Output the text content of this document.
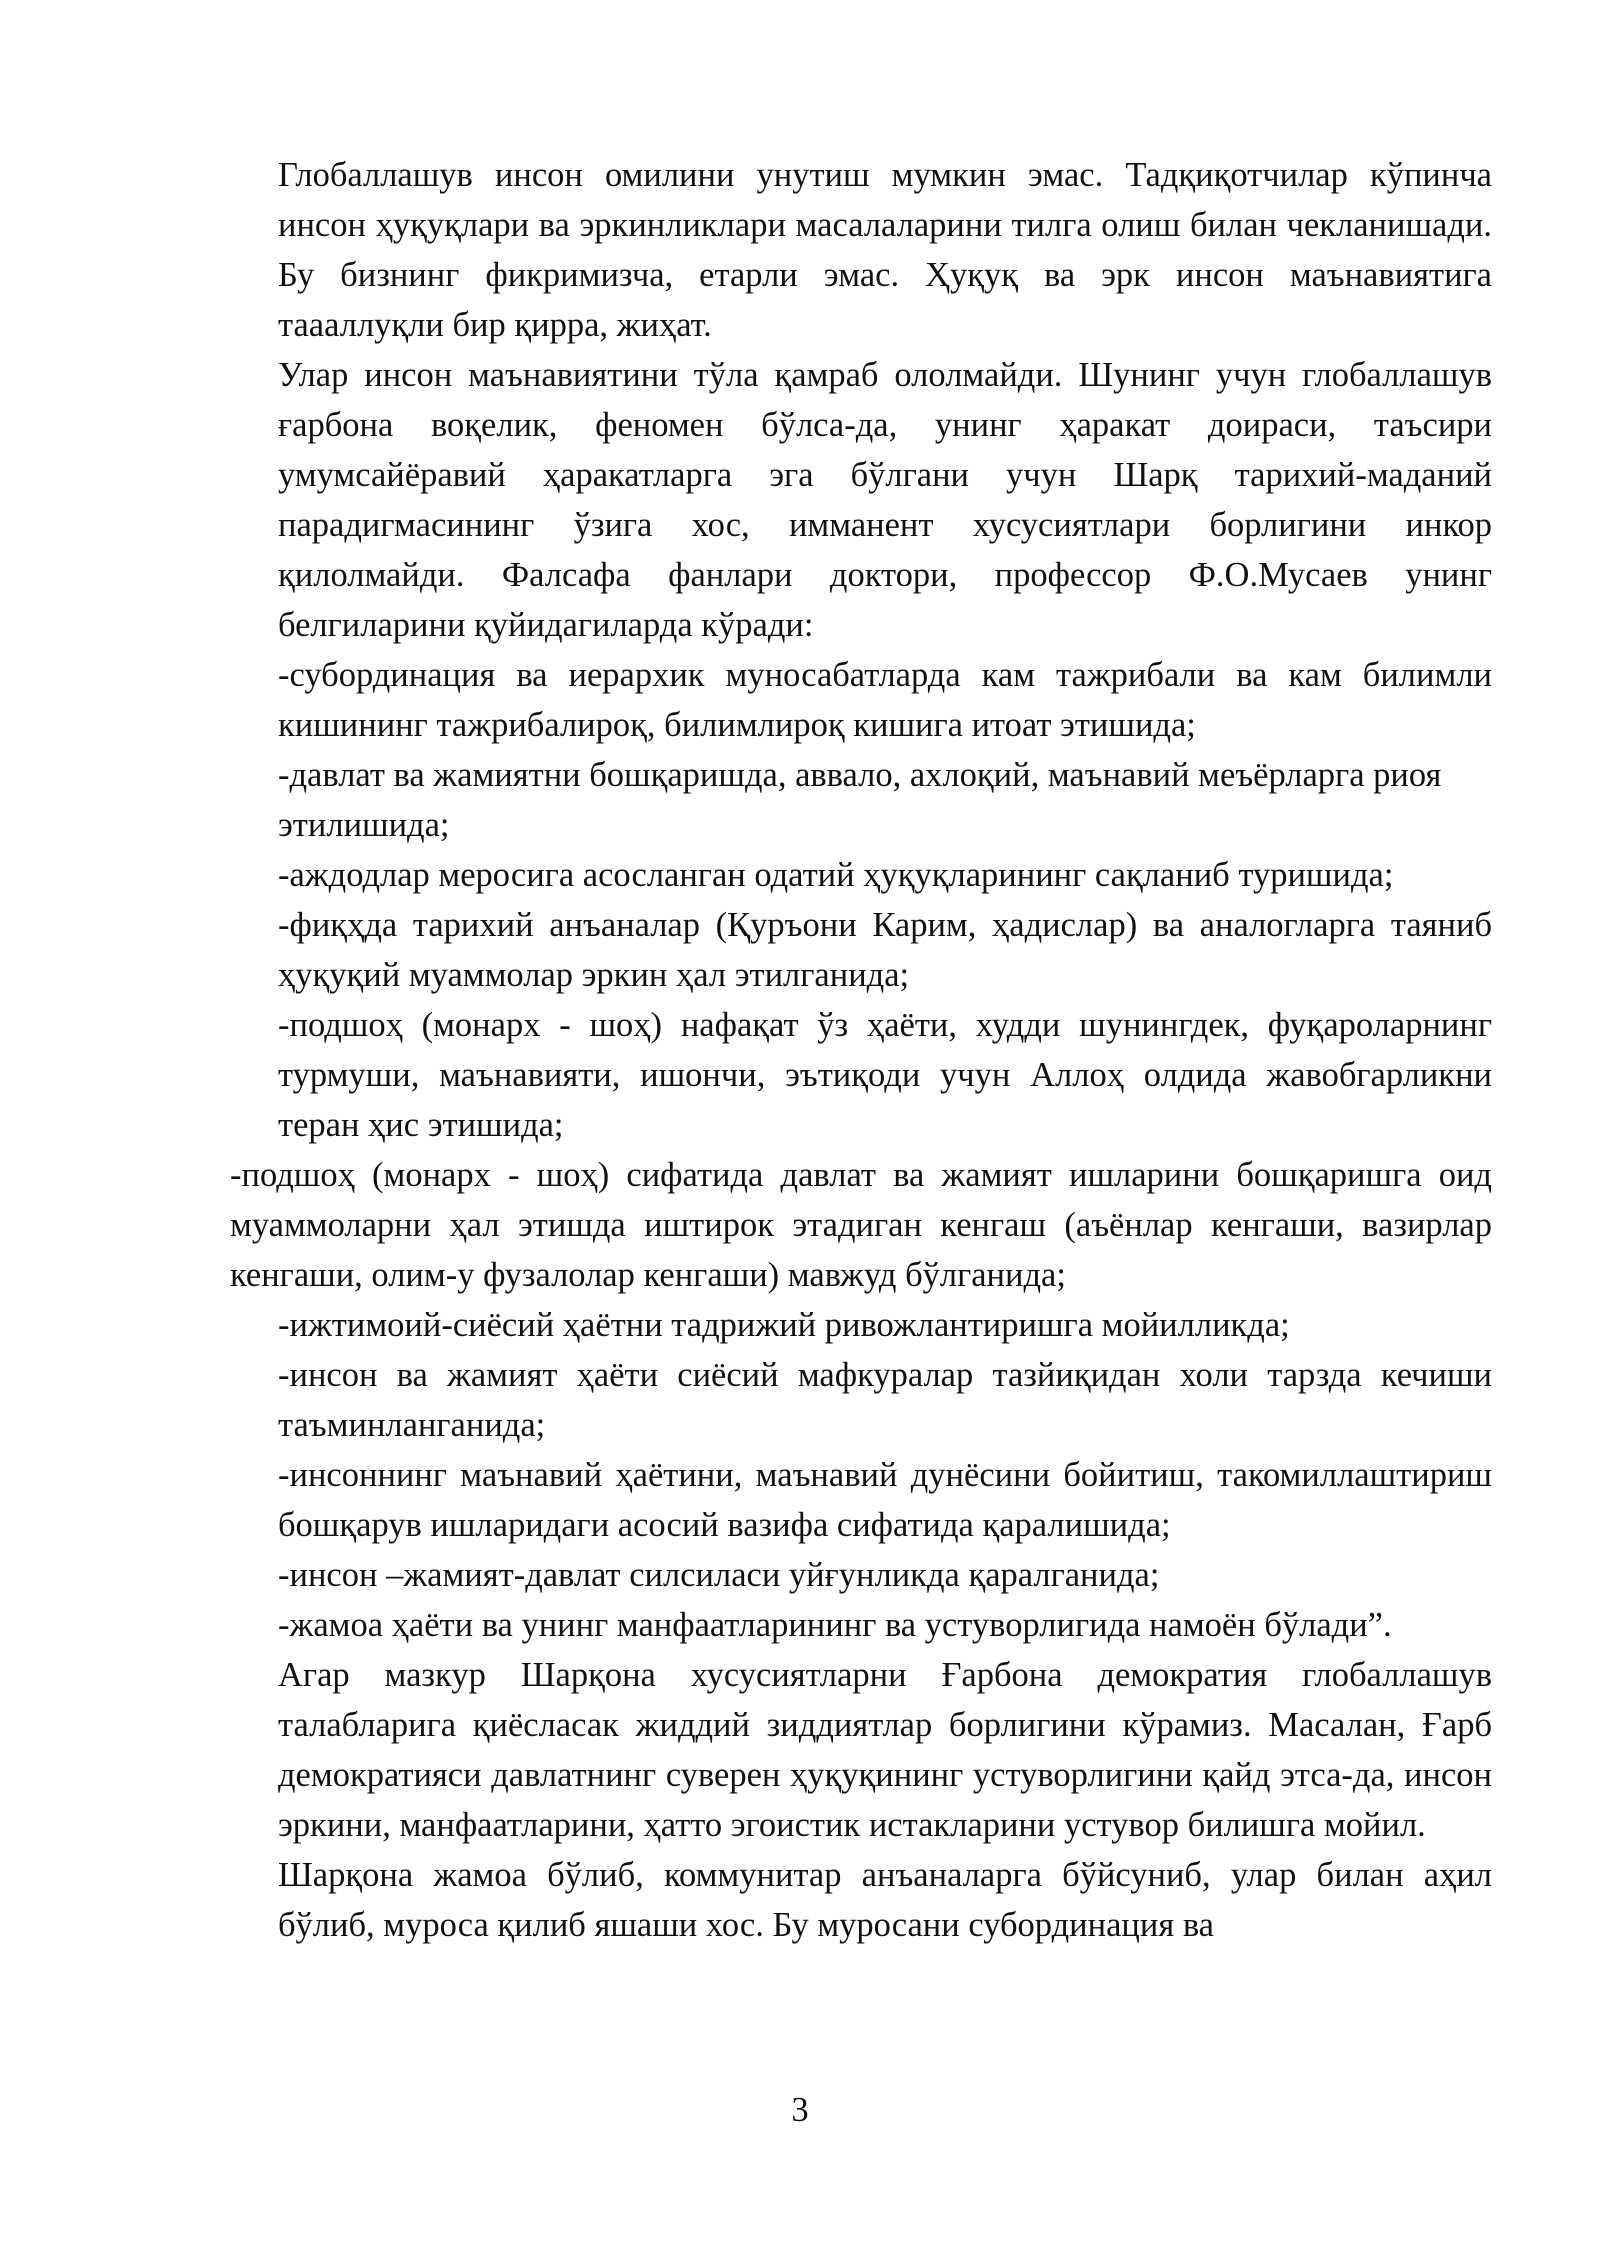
Глобаллашув инсон омилини унутиш мумкин эмас. Тадқиқотчилар кўпинча инсон ҳуқуқлари ва эркинликлари масалаларини тилга олиш билан чекланишади. Бу бизнинг фикримизча, етарли эмас. Ҳуқуқ ва эрк инсон маънавиятига таааллуқли бир қирра, жиҳат.

Улар инсон маънавиятини тўла қамраб ололмайди. Шунинг учун глобаллашув ғарбона воқелик, феномен бўлса-да, унинг ҳаракат доираси, таъсири умумсайёравий ҳаракатларга эга бўлгани учун Шарқ тарихий-маданий парадигмасининг ўзига хос, имманент хусусиятлари борлигини инкор қилолмайди. Фалсафа фанлари доктори, профессор Ф.О.Мусаев унинг белгиларини қуйидагиларда кўради:

-субординация ва иерархик муносабатларда кам тажрибали ва кам билимли кишининг тажрибалироқ, билимлироқ кишига итоат этишида;

-давлат ва жамиятни бошқаришда, аввало, ахлоқий, маънавий меъёрларга риоя этилишида;

-аждодлар меросига асосланган одатий ҳуқуқларининг сақланиб туришида;

-фиқҳда тарихий анъаналар (Қуръони Карим, ҳадислар) ва аналогларга таяниб ҳуқуқий муаммолар эркин ҳал этилганида;

-подшоҳ (монарх - шоҳ) нафақат ўз ҳаёти, худди шунингдек, фуқароларнинг турмуши, маънавияти, ишончи, эътиқоди учун Аллоҳ олдида жавобгарликни теран ҳис этишида;

-подшоҳ (монарх - шоҳ) сифатида давлат ва жамият ишларини бошқаришга оид муаммоларни ҳал этишда иштирок этадиган кенгаш (аъёнлар кенгаши, вазирлар кенгаши, олим-у фузалолар кенгаши) мавжуд бўлганида;

-ижтимоий-сиёсий ҳаётни тадрижий ривожлантиришга мойилликда;

-инсон ва жамият ҳаёти сиёсий мафкуралар тазйиқидан холи тарзда кечиши таъминланганида;

-инсоннинг маънавий ҳаётини, маънавий дунёсини бойитиш, такомиллаштириш бошқарув ишларидаги асосий вазифа сифатида қаралишида;

-инсон –жамият-давлат силсиласи уйғунликда қаралганида;

-жамоа ҳаёти ва унинг манфаатларининг ва устуворлигида намоён бўлади”.

Агар мазкур Шарқона хусусиятларни Ғарбона демократия глобаллашув талабларига қиёсласак жиддий зиддиятлар борлигини кўрамиз. Масалан, Ғарб демократияси давлатнинг суверен ҳуқуқининг устуворлигини қайд этса-да, инсон эркини, манфаатларини, ҳатто эгоистик истакларини устувор билишга мойил.

Шарқона жамоа бўлиб, коммунитар анъаналарга бўйсуниб, улар билан аҳил бўлиб, муроса қилиб яшаши хос. Бу муросани субординация ва

3
